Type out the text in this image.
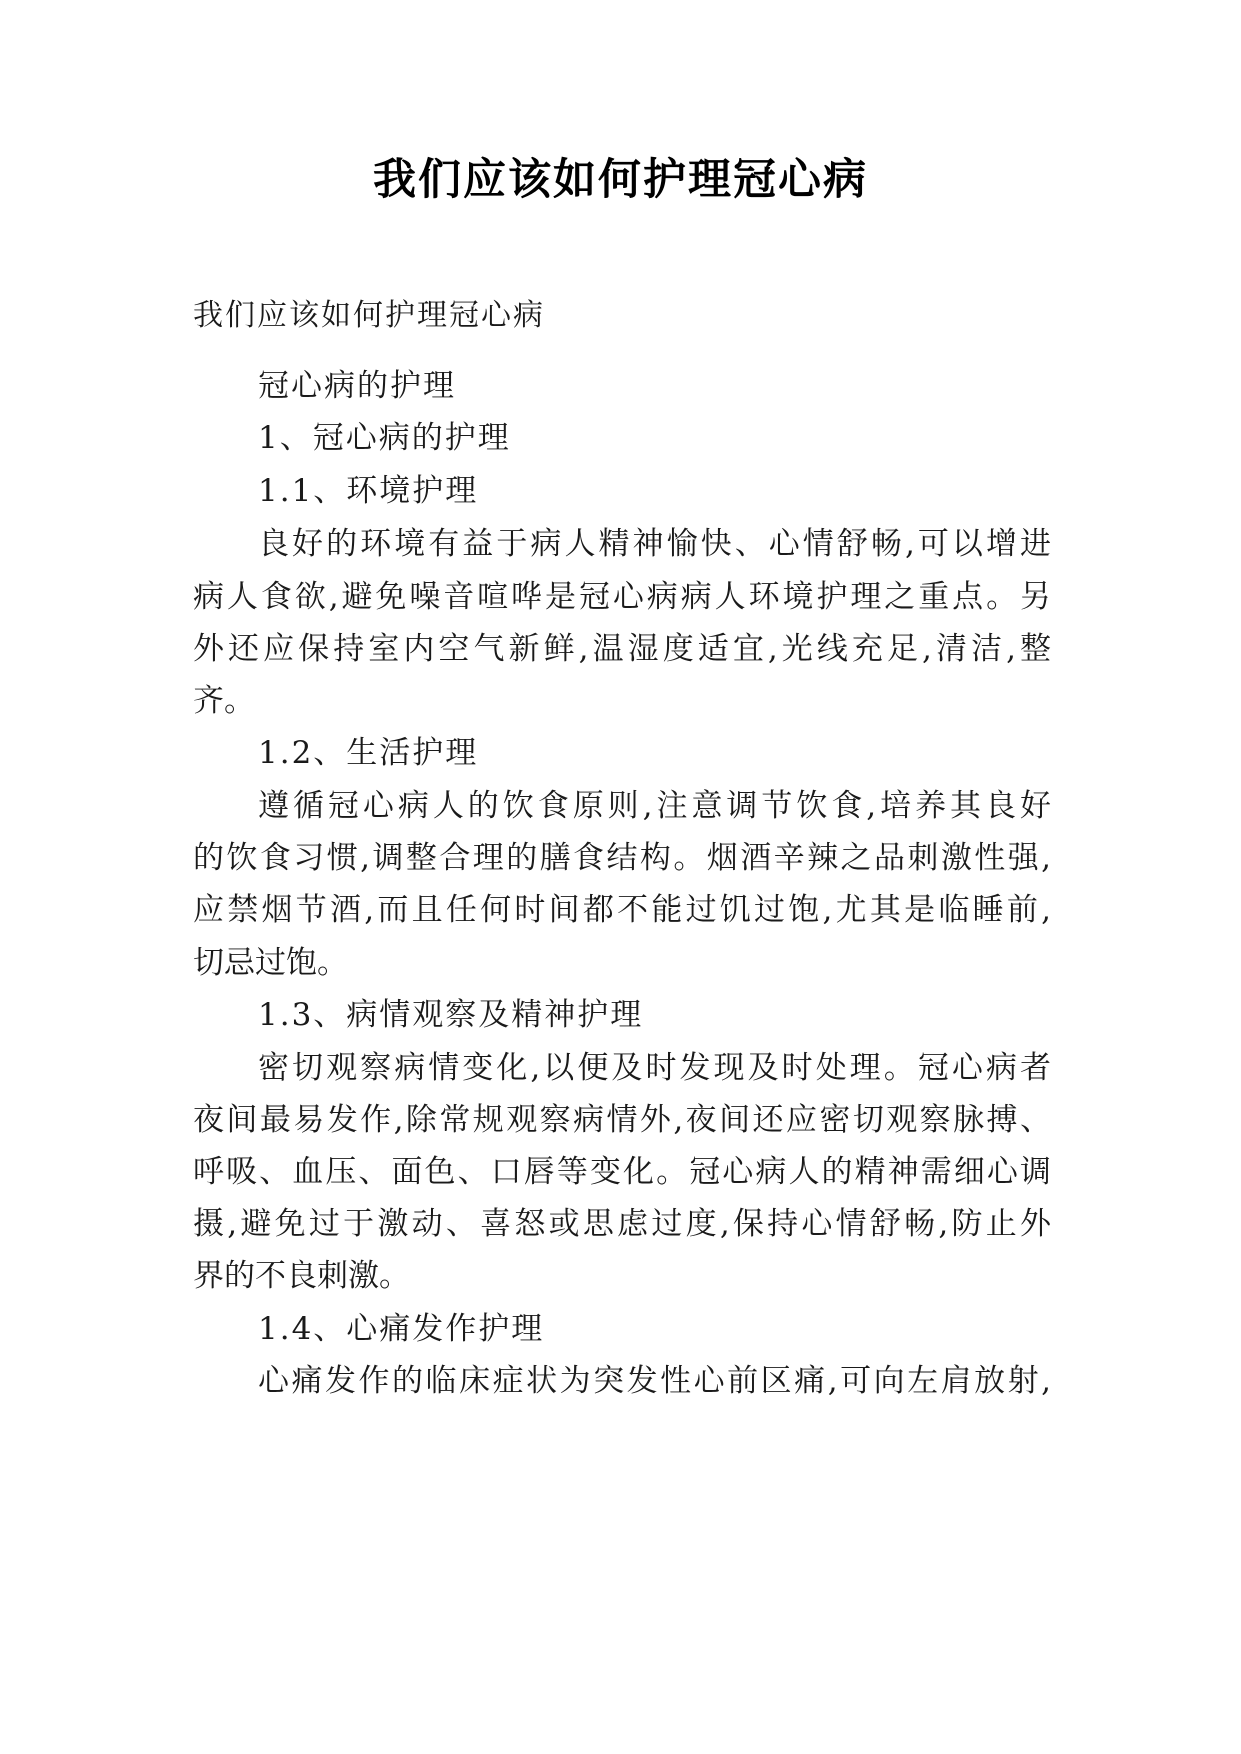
我们应该如何护理冠心病
我们应该如何护理冠心病
冠心病的护理
1、冠心病的护理
1.1、环境护理
良好的环境有益于病人精神愉快、心情舒畅,可以增进
病人食欲,避免噪音喧哗是冠心病病人环境护理之重点。另
外还应保持室内空气新鲜,温湿度适宜,光线充足,清洁,整
齐。
1.2、生活护理
遵循冠心病人的饮食原则,注意调节饮食,培养其良好
的饮食习惯,调整合理的膳食结构。烟酒辛辣之品刺激性强,
应禁烟节酒,而且任何时间都不能过饥过饱,尤其是临睡前,
切忌过饱。
1.3、病情观察及精神护理
密切观察病情变化,以便及时发现及时处理。冠心病者
夜间最易发作,除常规观察病情外,夜间还应密切观察脉搏、
呼吸、血压、面色、口唇等变化。冠心病人的精神需细心调
摄,避免过于激动、喜怒或思虑过度,保持心情舒畅,防止外
界的不良刺激。
1.4、心痛发作护理
心痛发作的临床症状为突发性心前区痛,可向左肩放射,
